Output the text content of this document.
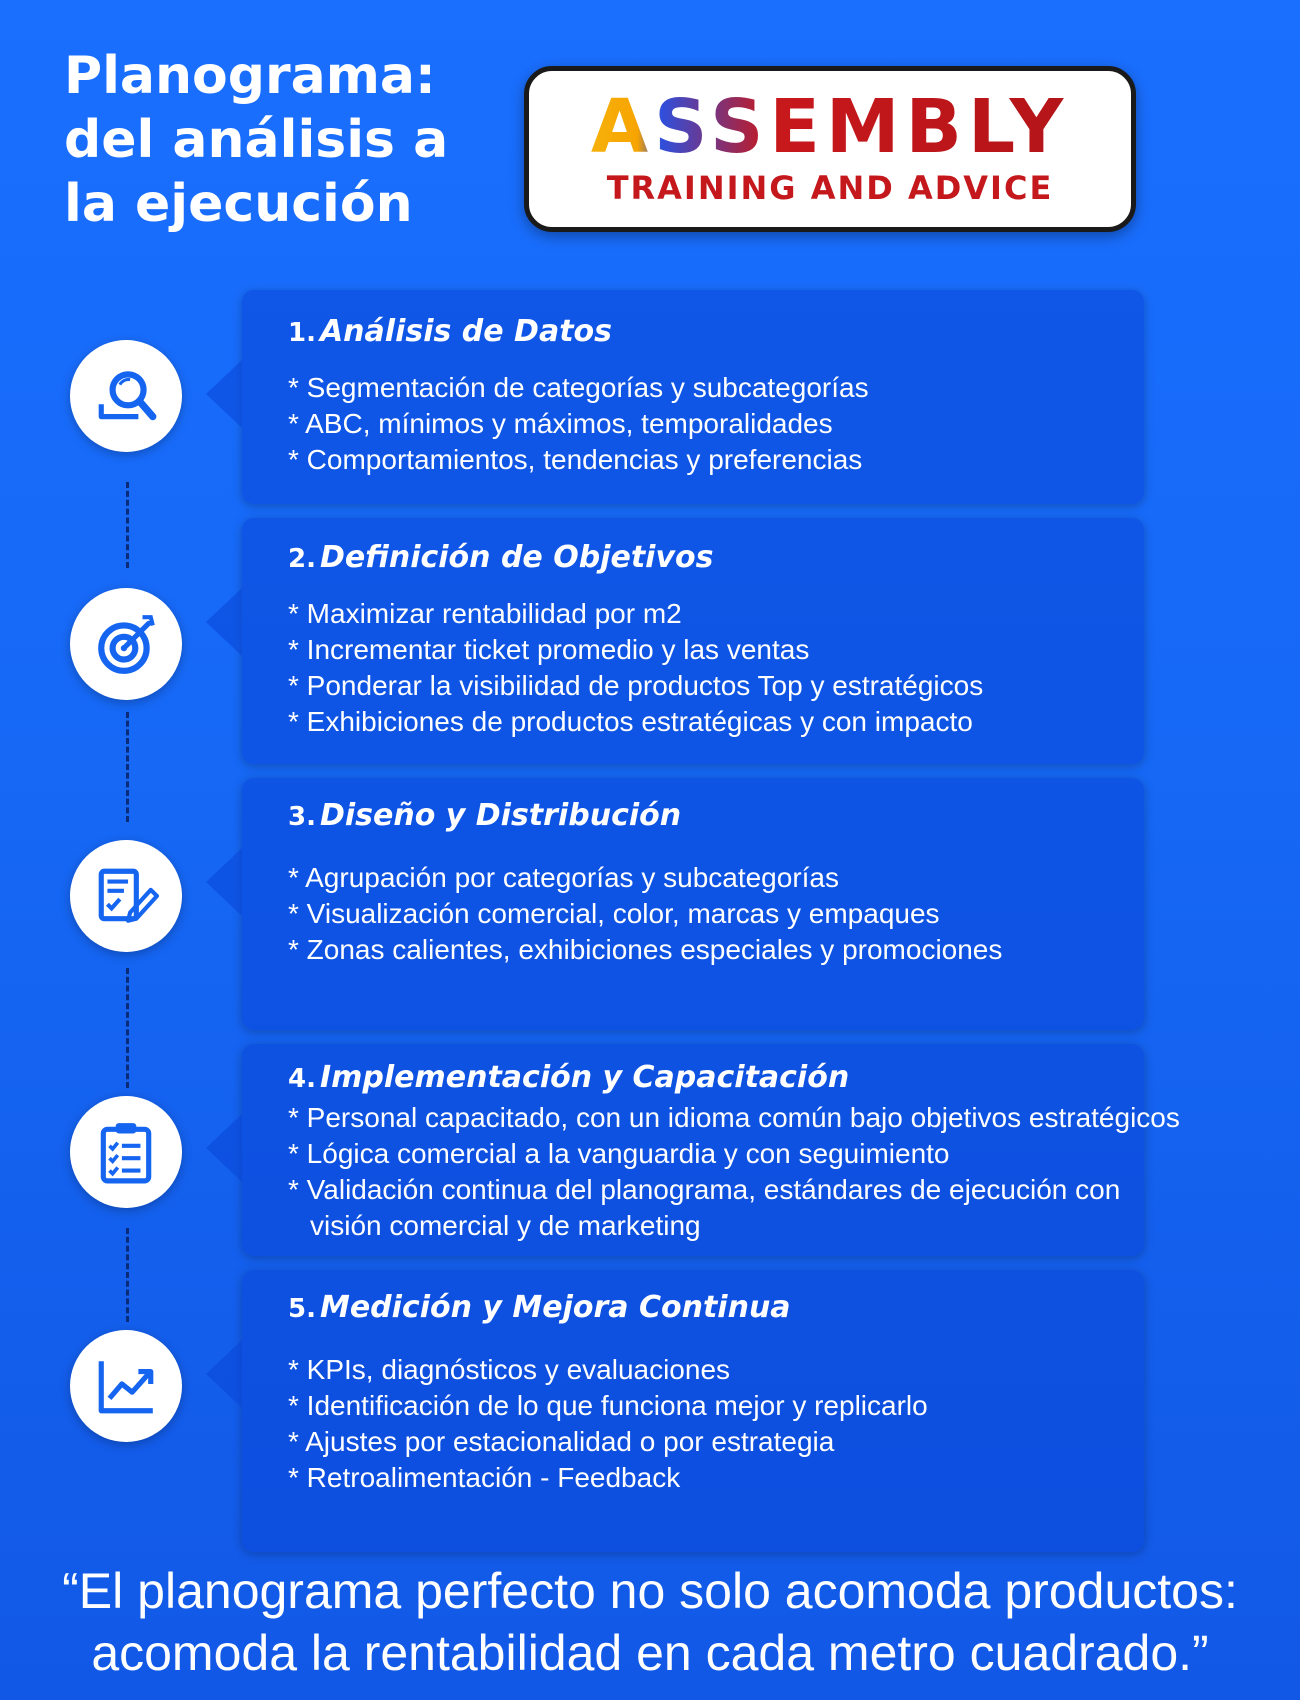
Planograma:
del análisis a
la ejecución
ASSEMBLY
TRAINING AND ADVICE
1. Análisis de Datos
* Segmentación de categorías y subcategorías
* ABC, mínimos y máximos, temporalidades
* Comportamientos, tendencias y preferencias
2. Definición de Objetivos
* Maximizar rentabilidad por m2
* Incrementar ticket promedio y las ventas
* Ponderar la visibilidad de productos Top y estratégicos
* Exhibiciones de productos estratégicas y con impacto
3. Diseño y Distribución
* Agrupación por categorías y subcategorías
* Visualización comercial, color, marcas y empaques
* Zonas calientes, exhibiciones especiales y promociones
4. Implementación y Capacitación
* Personal capacitado, con un idioma común bajo objetivos estratégicos
* Lógica comercial a la vanguardia y con seguimiento
* Validación continua del planograma, estándares de ejecución con
visión comercial y de marketing
5. Medición y Mejora Continua
* KPIs, diagnósticos y evaluaciones
* Identificación de lo que funciona mejor y replicarlo
* Ajustes por estacionalidad o por estrategia
* Retroalimentación - Feedback

“El planograma perfecto no solo acomoda productos:
acomoda la rentabilidad en cada metro cuadrado.”
